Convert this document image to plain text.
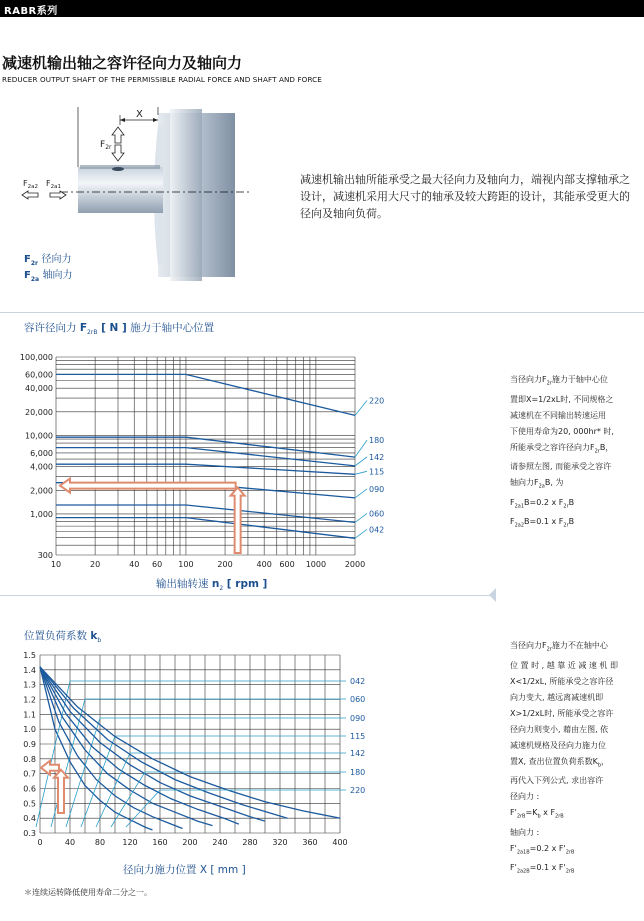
RABR系列
减速机输出轴之容许径向力及轴向力
REDUCER OUTPUT SHAFT OF THE PERMISSIBLE RADIAL FORCE AND SHAFT AND FORCE
X
$F_{2r}$
$F_{2a2}$ $F_{2a1}$
$F_{2r}$ 径向力
$F_{2a}$ 轴向力
减速机输出轴所能承受之最大径向力及轴向力，端视内部支撑轴承之设计，减速机采用大尺寸的轴承及较大跨距的设计，其能承受更大的径向及轴向负荷。
容许径向力 $F_{2rB}$ [ N ] 施力于轴中心位置
100,000
60,000
40,000
20,000
10,000
6,000
4,000
2,000
1,000
300
10	20	40 60 100	200	400 600 1000 2000
220
180
142
115
090
060
042
输出轴转速 $n_2$ [ rpm ]
当径向力$F_{2r}$施力于轴中心位
置即X=1/2xL时, 不同规格之
减速机在不同输出转速运用
下使用寿命为20, 000hr* 时,
所能承受之容许径向力$F_{2r}B$，
请参照左图, 而能承受之容许
轴向力$F_{2a}B$, 为
$F_{2a1}B=0.2$ x $F_{2r}B$
$F_{2a2}B=0.1$ x $F_{2r}B$
位置负荷系数 $k_b$
1.5
1.4
1.3
1.2
1.1
1.0
0.9
0.8
0.7
0.6
0.5
0.4
0.3
0	40 80 120 160 200 240 280 320 360 400
042
060
090
115
142
180
220
径向力施力位置 X [ mm ]
当径向力$F_{2r}$施力不在轴中心
位 置 时 , 越 靠 近 减 速 机 即
X<1/2xL, 所能承受之容许径
向力变大, 越远离减速机即
X>1/2xL时, 所能承受之容许
径向力则变小, 藉由左图, 依
减速机规格及径向力施力位
置X, 查出位置负荷系数$K_b$，
再代入下列公式, 求出容许
径向力 :
$F'_{2rB}=K_b$ x $F_{2rB}$
轴向力 :
$F'_{2a1B}=0.2$ x $F'_{2rB}$
$F'_{2a2B}=0.1$ x $F'_{2rB}$
＊连续运转降低使用寿命二分之一。
